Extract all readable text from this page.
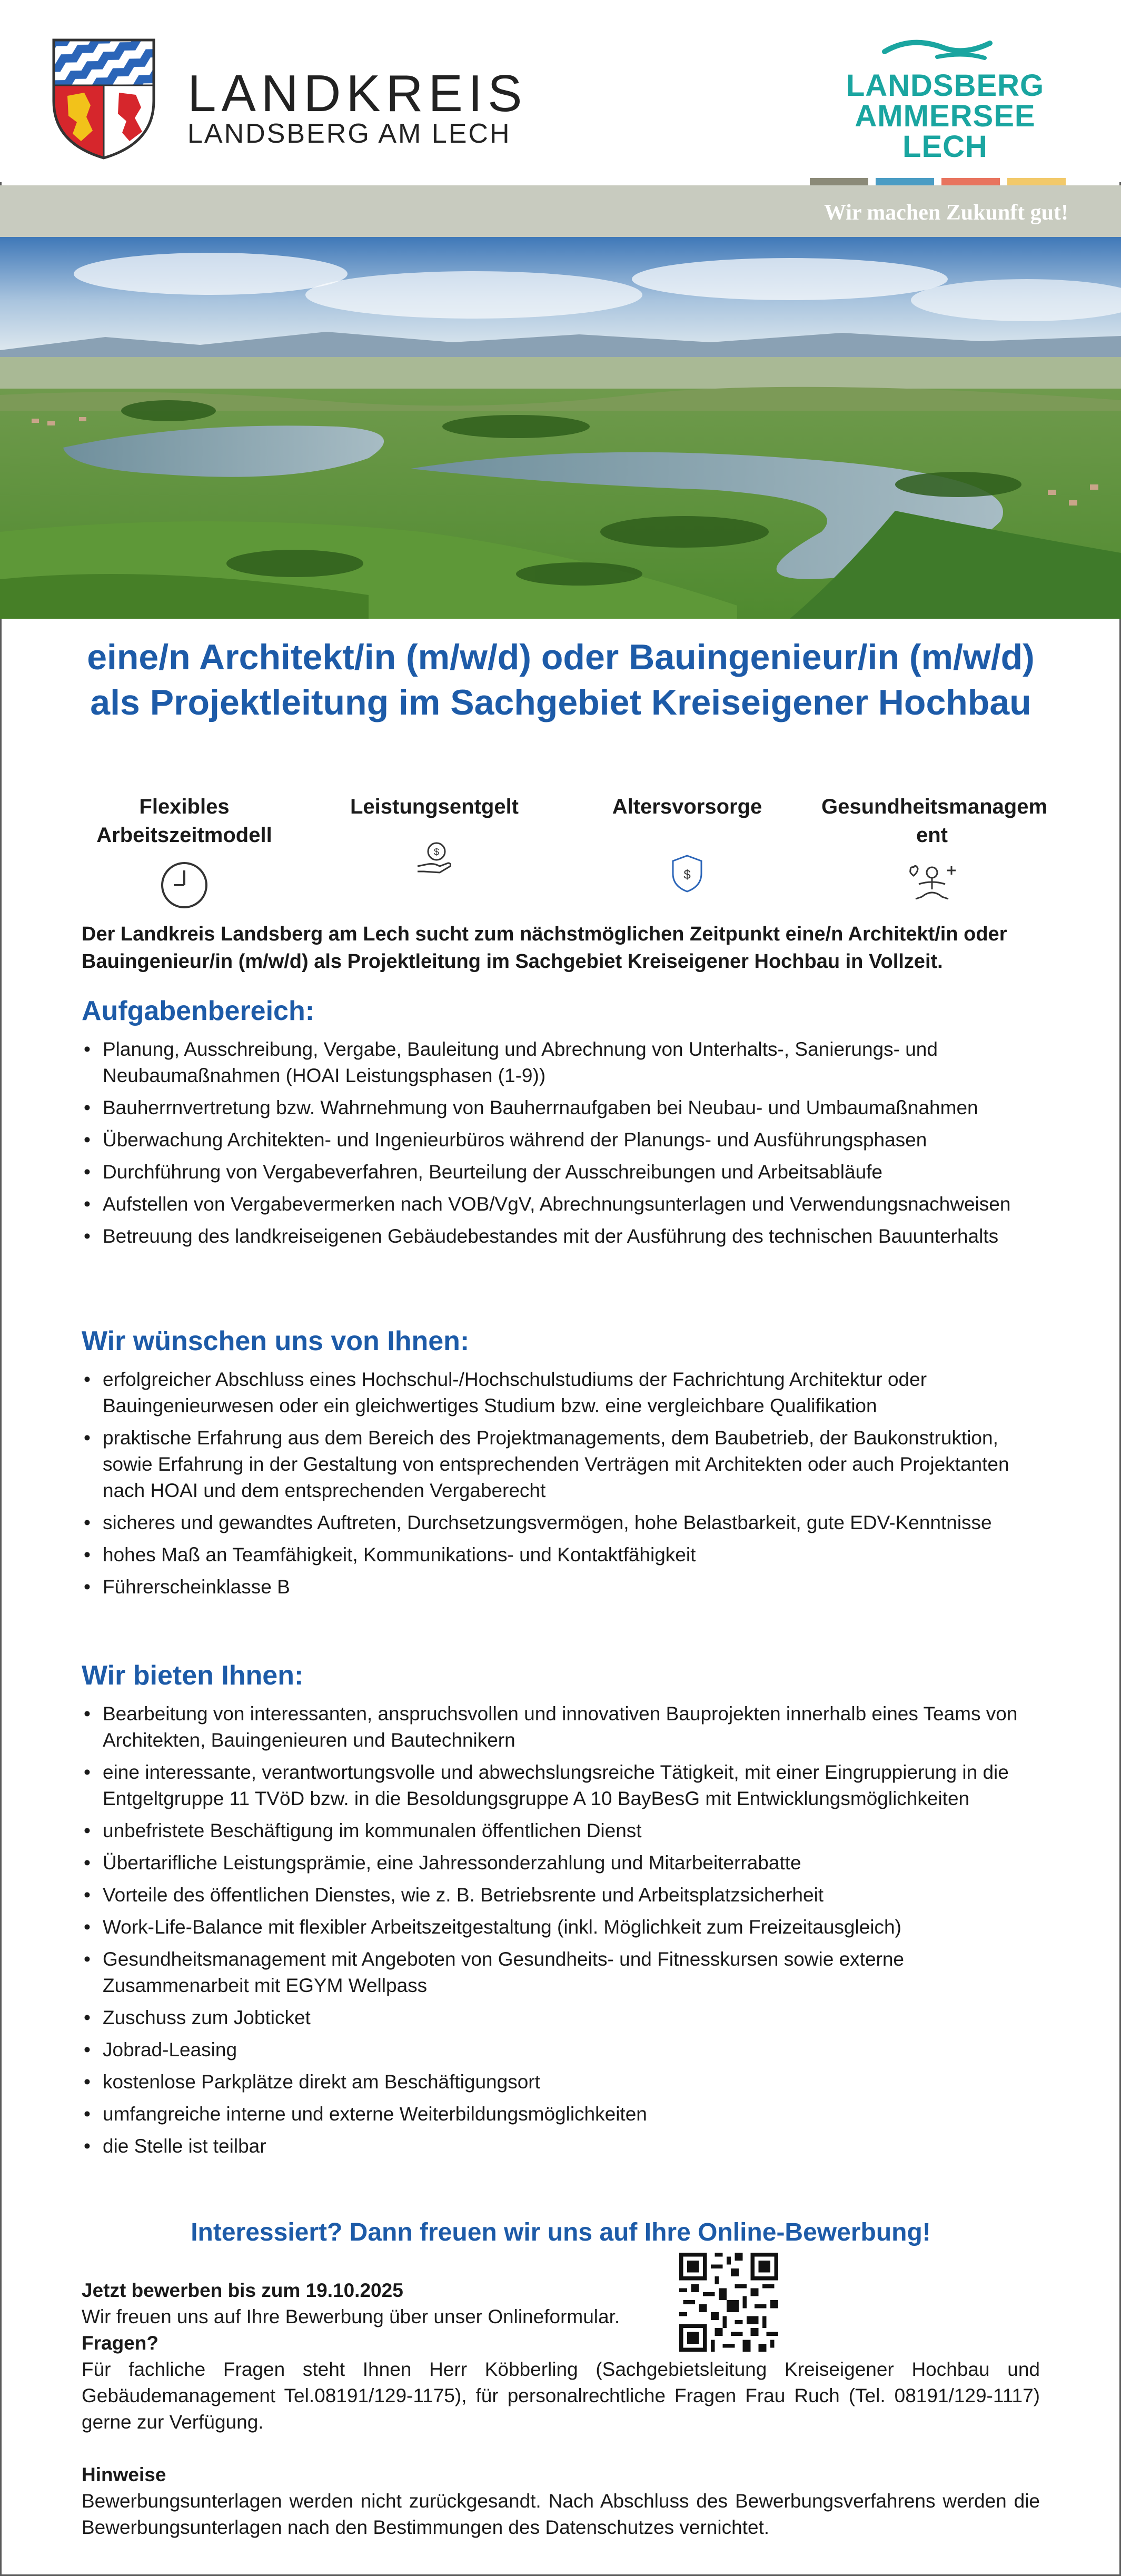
LANDKREIS
LANDSBERG AM LECH
LANDSBERG
AMMERSEE
LECH
Wir machen Zukunft gut!
eine/n Architekt/in (m/w/d) oder Bauingenieur/in (m/w/d) als Projektleitung im Sachgebiet Kreiseigener Hochbau
Flexibles Arbeitszeitmodell
Leistungsentgelt
$
Altersvorsorge
$
Gesundheitsmanagem ent
Der Landkreis Landsberg am Lech sucht zum nächstmöglichen Zeitpunkt eine/n Architekt/in oder Bauingenieur/in (m/w/d) als Projektleitung im Sachgebiet Kreiseigener Hochbau in Vollzeit.
Aufgabenbereich:
• Planung, Ausschreibung, Vergabe, Bauleitung und Abrechnung von Unterhalts-, Sanierungs- und Neubaumaßnahmen (HOAI Leistungsphasen (1-9))
• Bauherrnvertretung bzw. Wahrnehmung von Bauherrnaufgaben bei Neubau- und Umbaumaßnahmen
• Überwachung Architekten- und Ingenieurbüros während der Planungs- und Ausführungsphasen
• Durchführung von Vergabeverfahren, Beurteilung der Ausschreibungen und Arbeitsabläufe
• Aufstellen von Vergabevermerken nach VOB/VgV, Abrechnungsunterlagen und Verwendungsnachweisen
• Betreuung des landkreiseigenen Gebäudebestandes mit der Ausführung des technischen Bauunterhalts
Wir wünschen uns von Ihnen:
• erfolgreicher Abschluss eines Hochschul-/Hochschulstudiums der Fachrichtung Architektur oder Bauingenieurwesen oder ein gleichwertiges Studium bzw. eine vergleichbare Qualifikation
• praktische Erfahrung aus dem Bereich des Projektmanagements, dem Baubetrieb, der Baukonstruktion, sowie Erfahrung in der Gestaltung von entsprechenden Verträgen mit Architekten oder auch Projektanten nach HOAI und dem entsprechenden Vergaberecht
• sicheres und gewandtes Auftreten, Durchsetzungsvermögen, hohe Belastbarkeit, gute EDV-Kenntnisse
• hohes Maß an Teamfähigkeit, Kommunikations- und Kontaktfähigkeit
• Führerscheinklasse B
Wir bieten Ihnen:
• Bearbeitung von interessanten, anspruchsvollen und innovativen Bauprojekten innerhalb eines Teams von Architekten, Bauingenieuren und Bautechnikern
• eine interessante, verantwortungsvolle und abwechslungsreiche Tätigkeit, mit einer Eingruppierung in die Entgeltgruppe 11 TVöD bzw. in die Besoldungsgruppe A 10 BayBesG mit Entwicklungsmöglichkeiten
• unbefristete Beschäftigung im kommunalen öffentlichen Dienst
• Übertarifliche Leistungsprämie, eine Jahressonderzahlung und Mitarbeiterrabatte
• Vorteile des öffentlichen Dienstes, wie z. B. Betriebsrente und Arbeitsplatzsicherheit
• Work-Life-Balance mit flexibler Arbeitszeitgestaltung (inkl. Möglichkeit zum Freizeitausgleich)
• Gesundheitsmanagement mit Angeboten von Gesundheits- und Fitnesskursen sowie externe Zusammenarbeit mit EGYM Wellpass
• Zuschuss zum Jobticket
• Jobrad-Leasing
• kostenlose Parkplätze direkt am Beschäftigungsort
• umfangreiche interne und externe Weiterbildungsmöglichkeiten
• die Stelle ist teilbar
Interessiert? Dann freuen wir uns auf Ihre Online-Bewerbung!
Jetzt bewerben bis zum 19.10.2025
Wir freuen uns auf Ihre Bewerbung über unser Onlineformular.
Fragen?
Für fachliche Fragen steht Ihnen Herr Köbberling (Sachgebietsleitung Kreiseigener Hochbau und Gebäudemanagement Tel.08191/129-1175), für personalrechtliche Fragen Frau Ruch (Tel. 08191/129-1117) gerne zur Verfügung.
Hinweise
Bewerbungsunterlagen werden nicht zurückgesandt. Nach Abschluss des Bewerbungsverfahrens werden die Bewerbungsunterlagen nach den Bestimmungen des Datenschutzes vernichtet.
